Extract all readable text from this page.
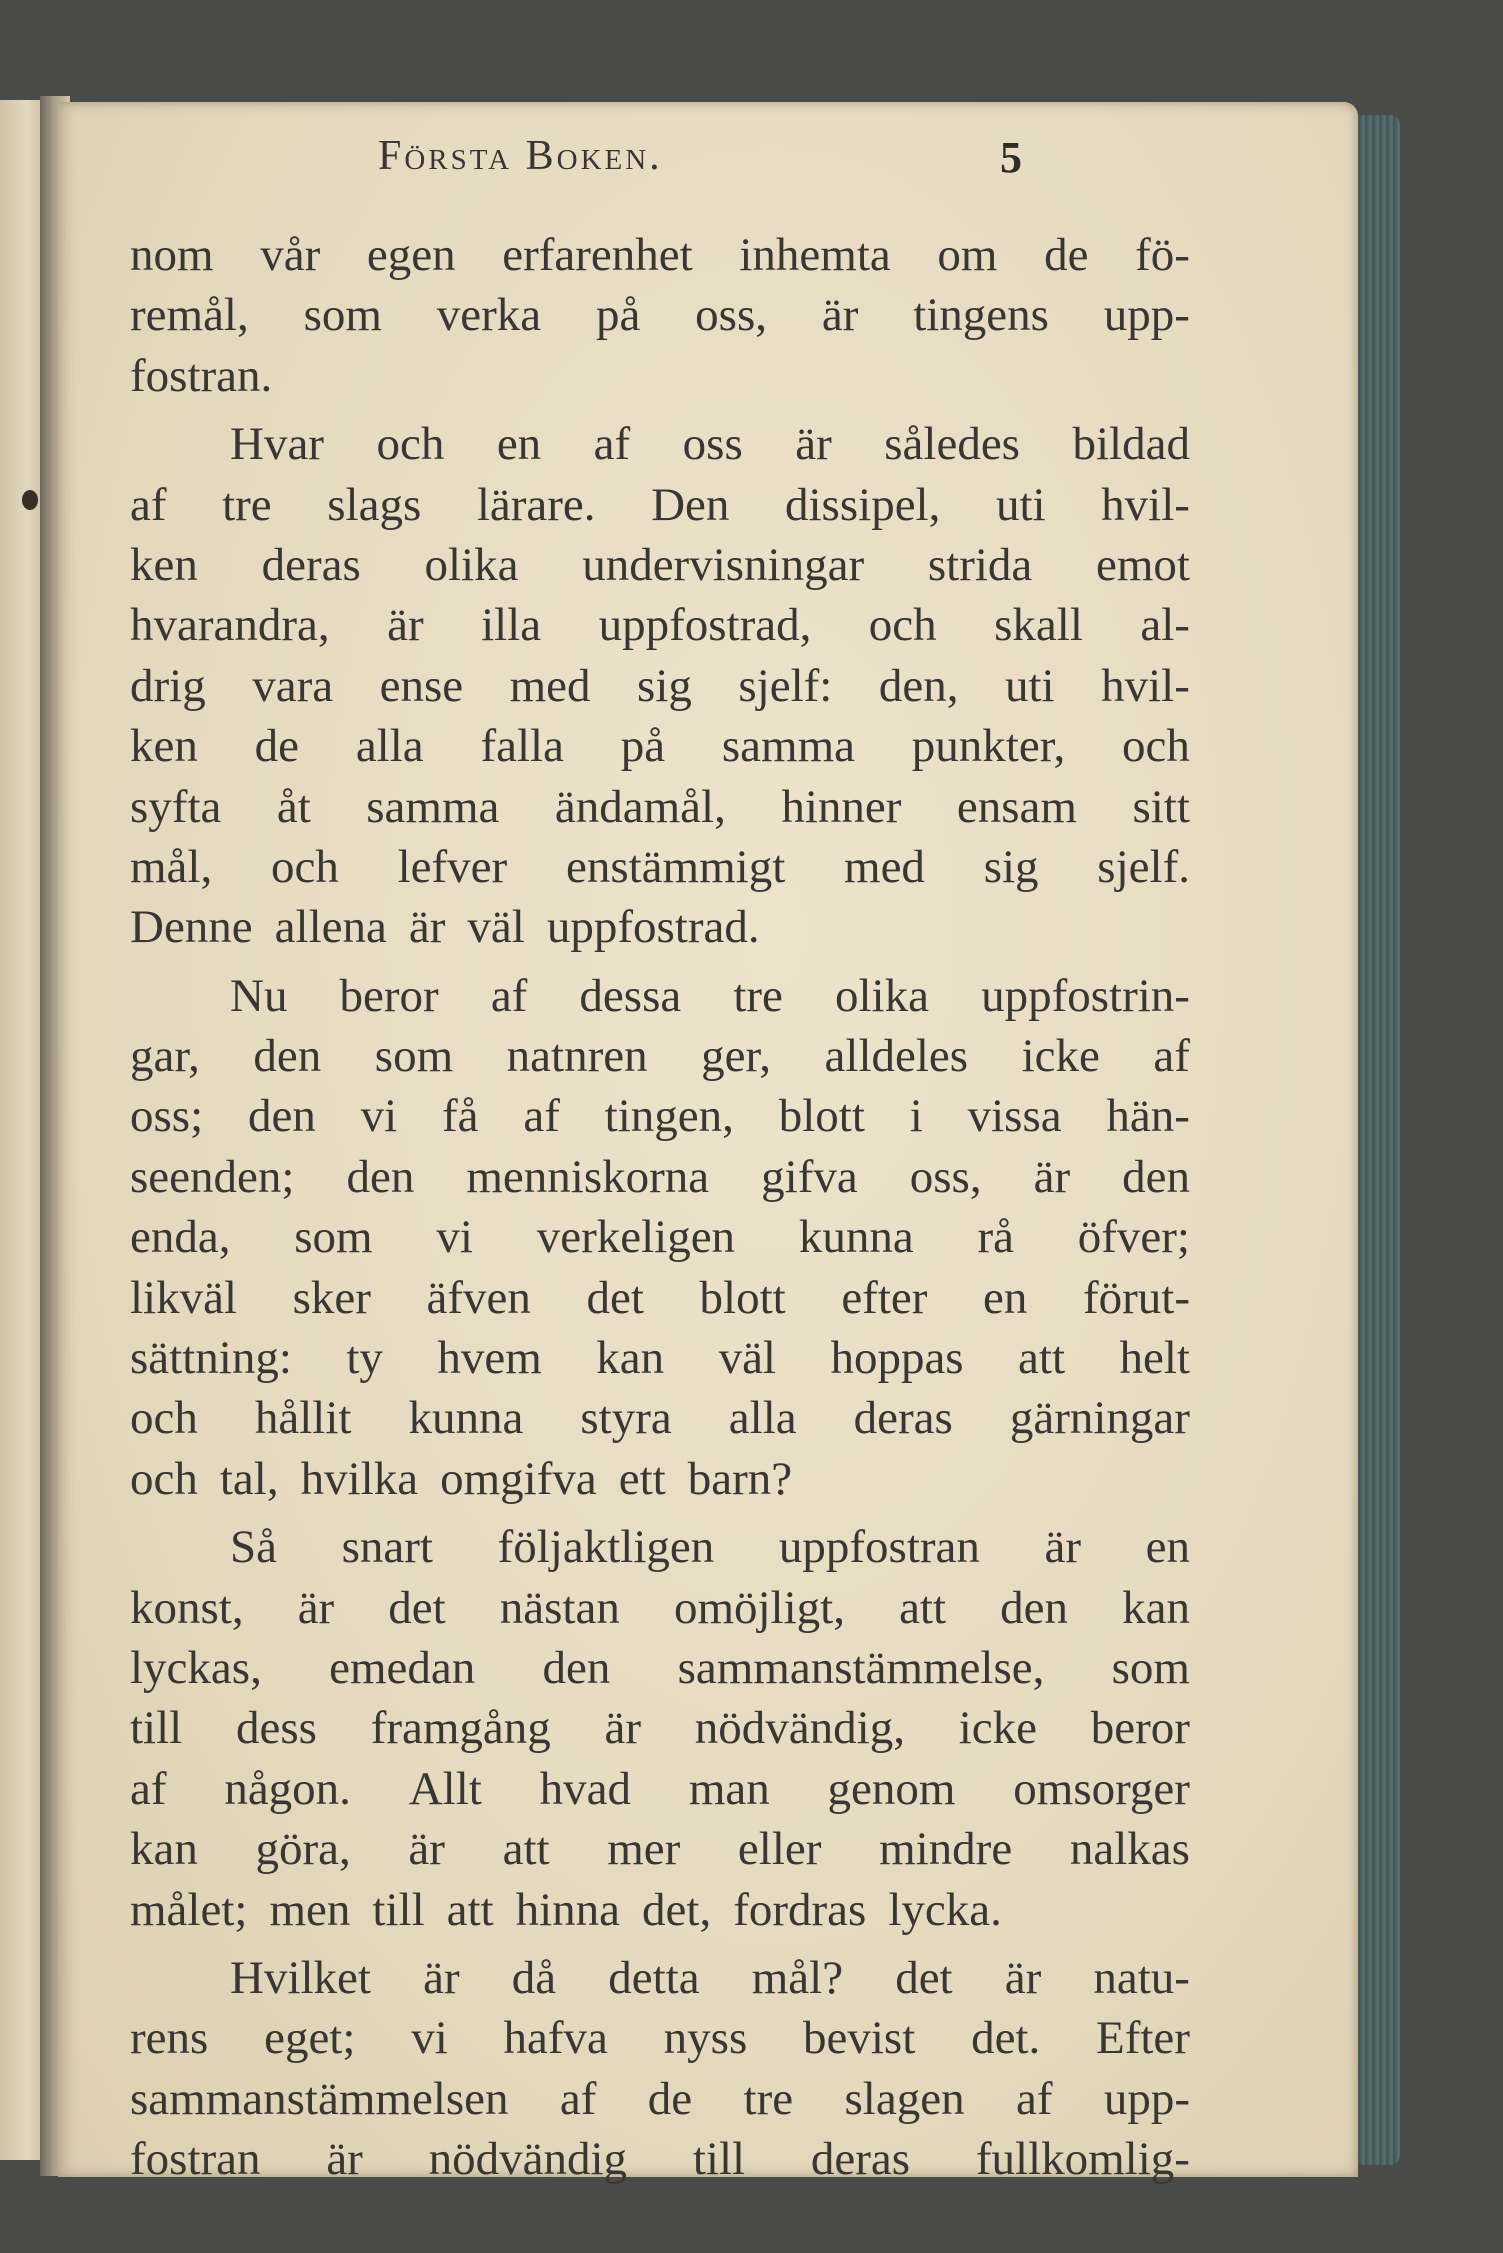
Första Boken.	5
nom vår egen erfarenhet inhemta om de fö-
remål, som verka på oss, är tingens upp-
fostran.
Hvar och en af oss är således bildad
af tre slags lärare. Den dissipel, uti hvil-
ken deras olika undervisningar strida emot
hvarandra, är illa uppfostrad, och skall al-
drig vara ense med sig sjelf: den, uti hvil-
ken de alla falla på samma punkter, och
syfta åt samma ändamål, hinner ensam sitt
mål, och lefver enstämmigt med sig sjelf.
Denne allena är väl uppfostrad.
Nu beror af dessa tre olika uppfostrin-
gar, den som natnren ger, alldeles icke af
oss; den vi få af tingen, blott i vissa hän-
seenden; den menniskorna gifva oss, är den
enda, som vi verkeligen kunna rå öfver;
likväl sker äfven det blott efter en förut-
sättning: ty hvem kan väl hoppas att helt
och hållit kunna styra alla deras gärningar
och tal, hvilka omgifva ett barn?
Så snart följaktligen uppfostran är en
konst, är det nästan omöjligt, att den kan
lyckas, emedan den sammanstämmelse, som
till dess framgång är nödvändig, icke beror
af någon. Allt hvad man genom omsorger
kan göra, är att mer eller mindre nalkas
målet; men till att hinna det, fordras lycka.
Hvilket är då detta mål? det är natu-
rens eget; vi hafva nyss bevist det. Efter
sammanstämmelsen af de tre slagen af upp-
fostran är nödvändig till deras fullkomlig-
